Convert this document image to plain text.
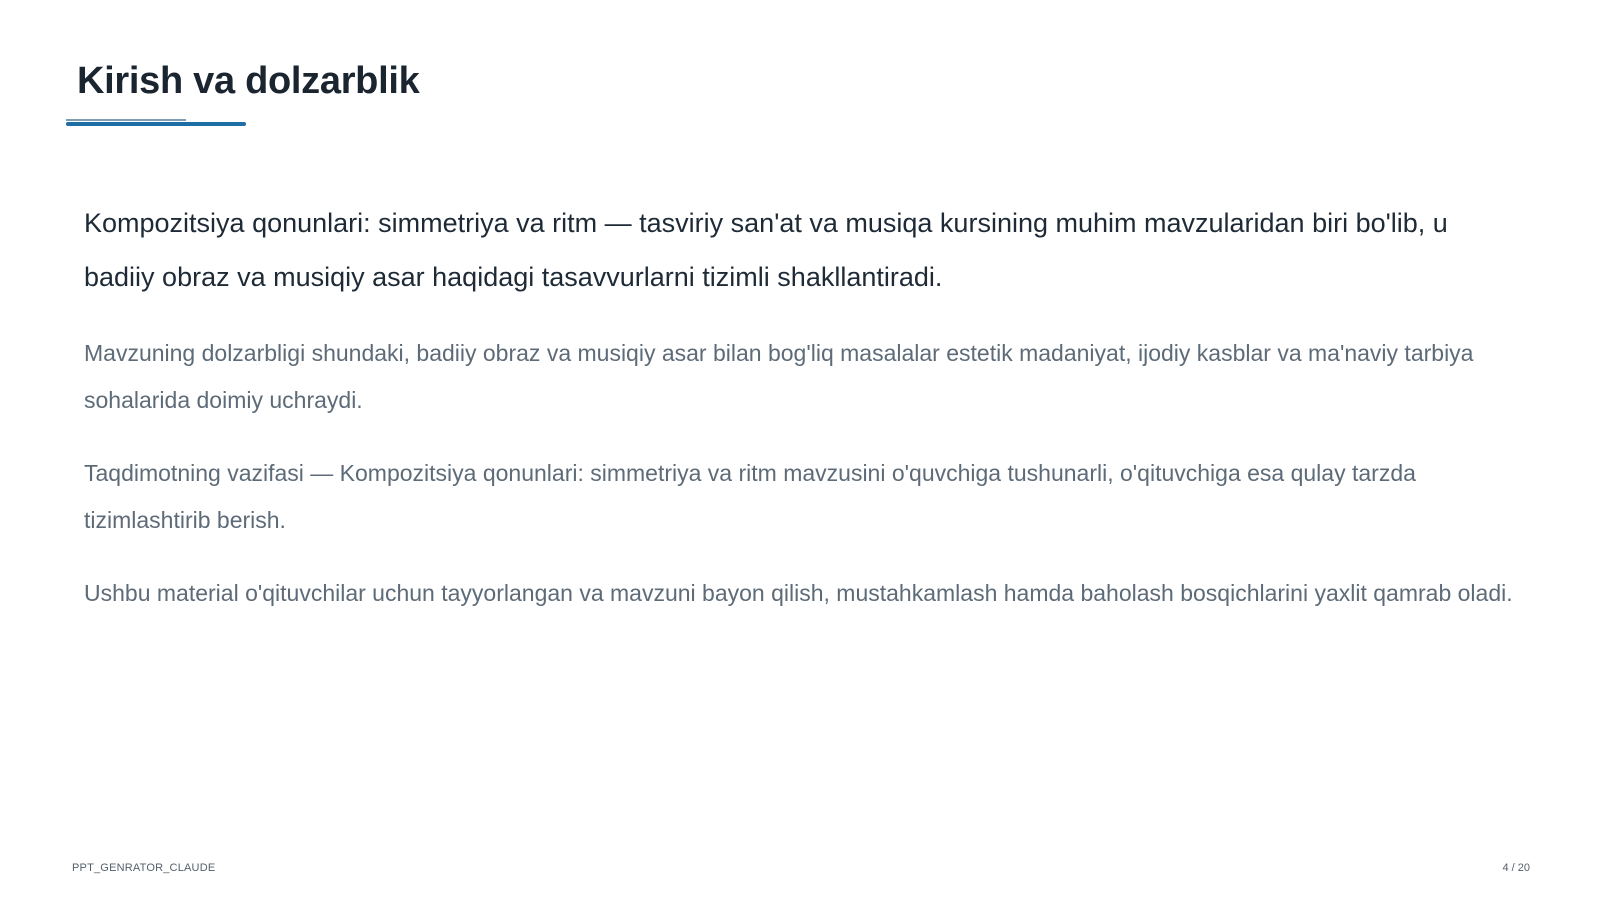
Kirish va dolzarblik

Kompozitsiya qonunlari: simmetriya va ritm — tasviriy san'at va musiqa kursining muhim mavzularidan biri bo'lib, u badiiy obraz va musiqiy asar haqidagi tasavvurlarni tizimli shakllantiradi.

Mavzuning dolzarbligi shundaki, badiiy obraz va musiqiy asar bilan bog'liq masalalar estetik madaniyat, ijodiy kasblar va ma'naviy tarbiya sohalarida doimiy uchraydi.

Taqdimotning vazifasi — Kompozitsiya qonunlari: simmetriya va ritm mavzusini o'quvchiga tushunarli, o'qituvchiga esa qulay tarzda tizimlashtirib berish.

Ushbu material o'qituvchilar uchun tayyorlangan va mavzuni bayon qilish, mustahkamlash hamda baholash bosqichlarini yaxlit qamrab oladi.

PPT_GENRATOR_CLAUDE	4 / 20
